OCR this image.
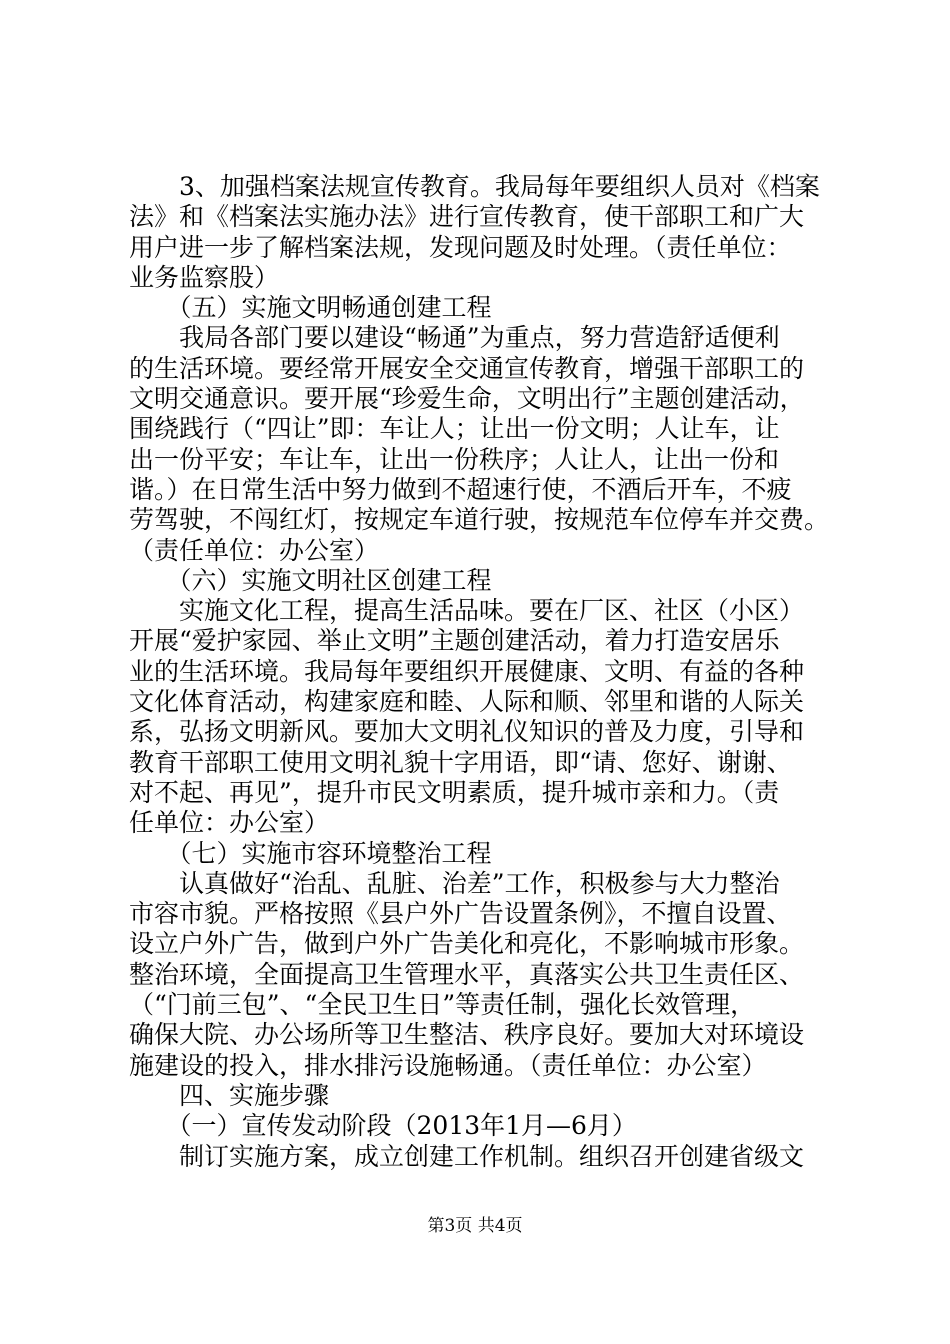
　　3、加强档案法规宣传教育。我局每年要组织人员对《档案
法》和《档案法实施办法》进行宣传教育，使干部职工和广大
用户进一步了解档案法规，发现问题及时处理。（责任单位：
业务监察股）
　　（五）实施文明畅通创建工程
　　我局各部门要以建设“畅通”为重点，努力营造舒适便利
的生活环境。要经常开展安全交通宣传教育，增强干部职工的
文明交通意识。要开展“珍爱生命，文明出行”主题创建活动，
围绕践行（“四让”即：车让人；让出一份文明；人让车，让
出一份平安；车让车，让出一份秩序；人让人，让出一份和
谐。）在日常生活中努力做到不超速行使，不酒后开车，不疲
劳驾驶，不闯红灯，按规定车道行驶，按规范车位停车并交费。
（责任单位：办公室）
　　（六）实施文明社区创建工程
　　实施文化工程，提高生活品味。要在厂区、社区（小区）
开展“爱护家园、举止文明”主题创建活动，着力打造安居乐
业的生活环境。我局每年要组织开展健康、文明、有益的各种
文化体育活动，构建家庭和睦、人际和顺、邻里和谐的人际关
系，弘扬文明新风。要加大文明礼仪知识的普及力度，引导和
教育干部职工使用文明礼貌十字用语，即“请、您好、谢谢、
对不起、再见”，提升市民文明素质，提升城市亲和力。（责
任单位：办公室）
　　（七）实施市容环境整治工程
　　认真做好“治乱、乱脏、治差”工作，积极参与大力整治
市容市貌。严格按照《县户外广告设置条例》，不擅自设置、
设立户外广告，做到户外广告美化和亮化，不影响城市形象。
整治环境，全面提高卫生管理水平，真落实公共卫生责任区、
（“门前三包”、“全民卫生日”等责任制，强化长效管理，
确保大院、办公场所等卫生整洁、秩序良好。要加大对环境设
施建设的投入，排水排污设施畅通。（责任单位：办公室）
　　四、实施步骤
　　（一）宣传发动阶段（2013年1月—6月）
　　制订实施方案，成立创建工作机制。组织召开创建省级文
第3页 共4页
